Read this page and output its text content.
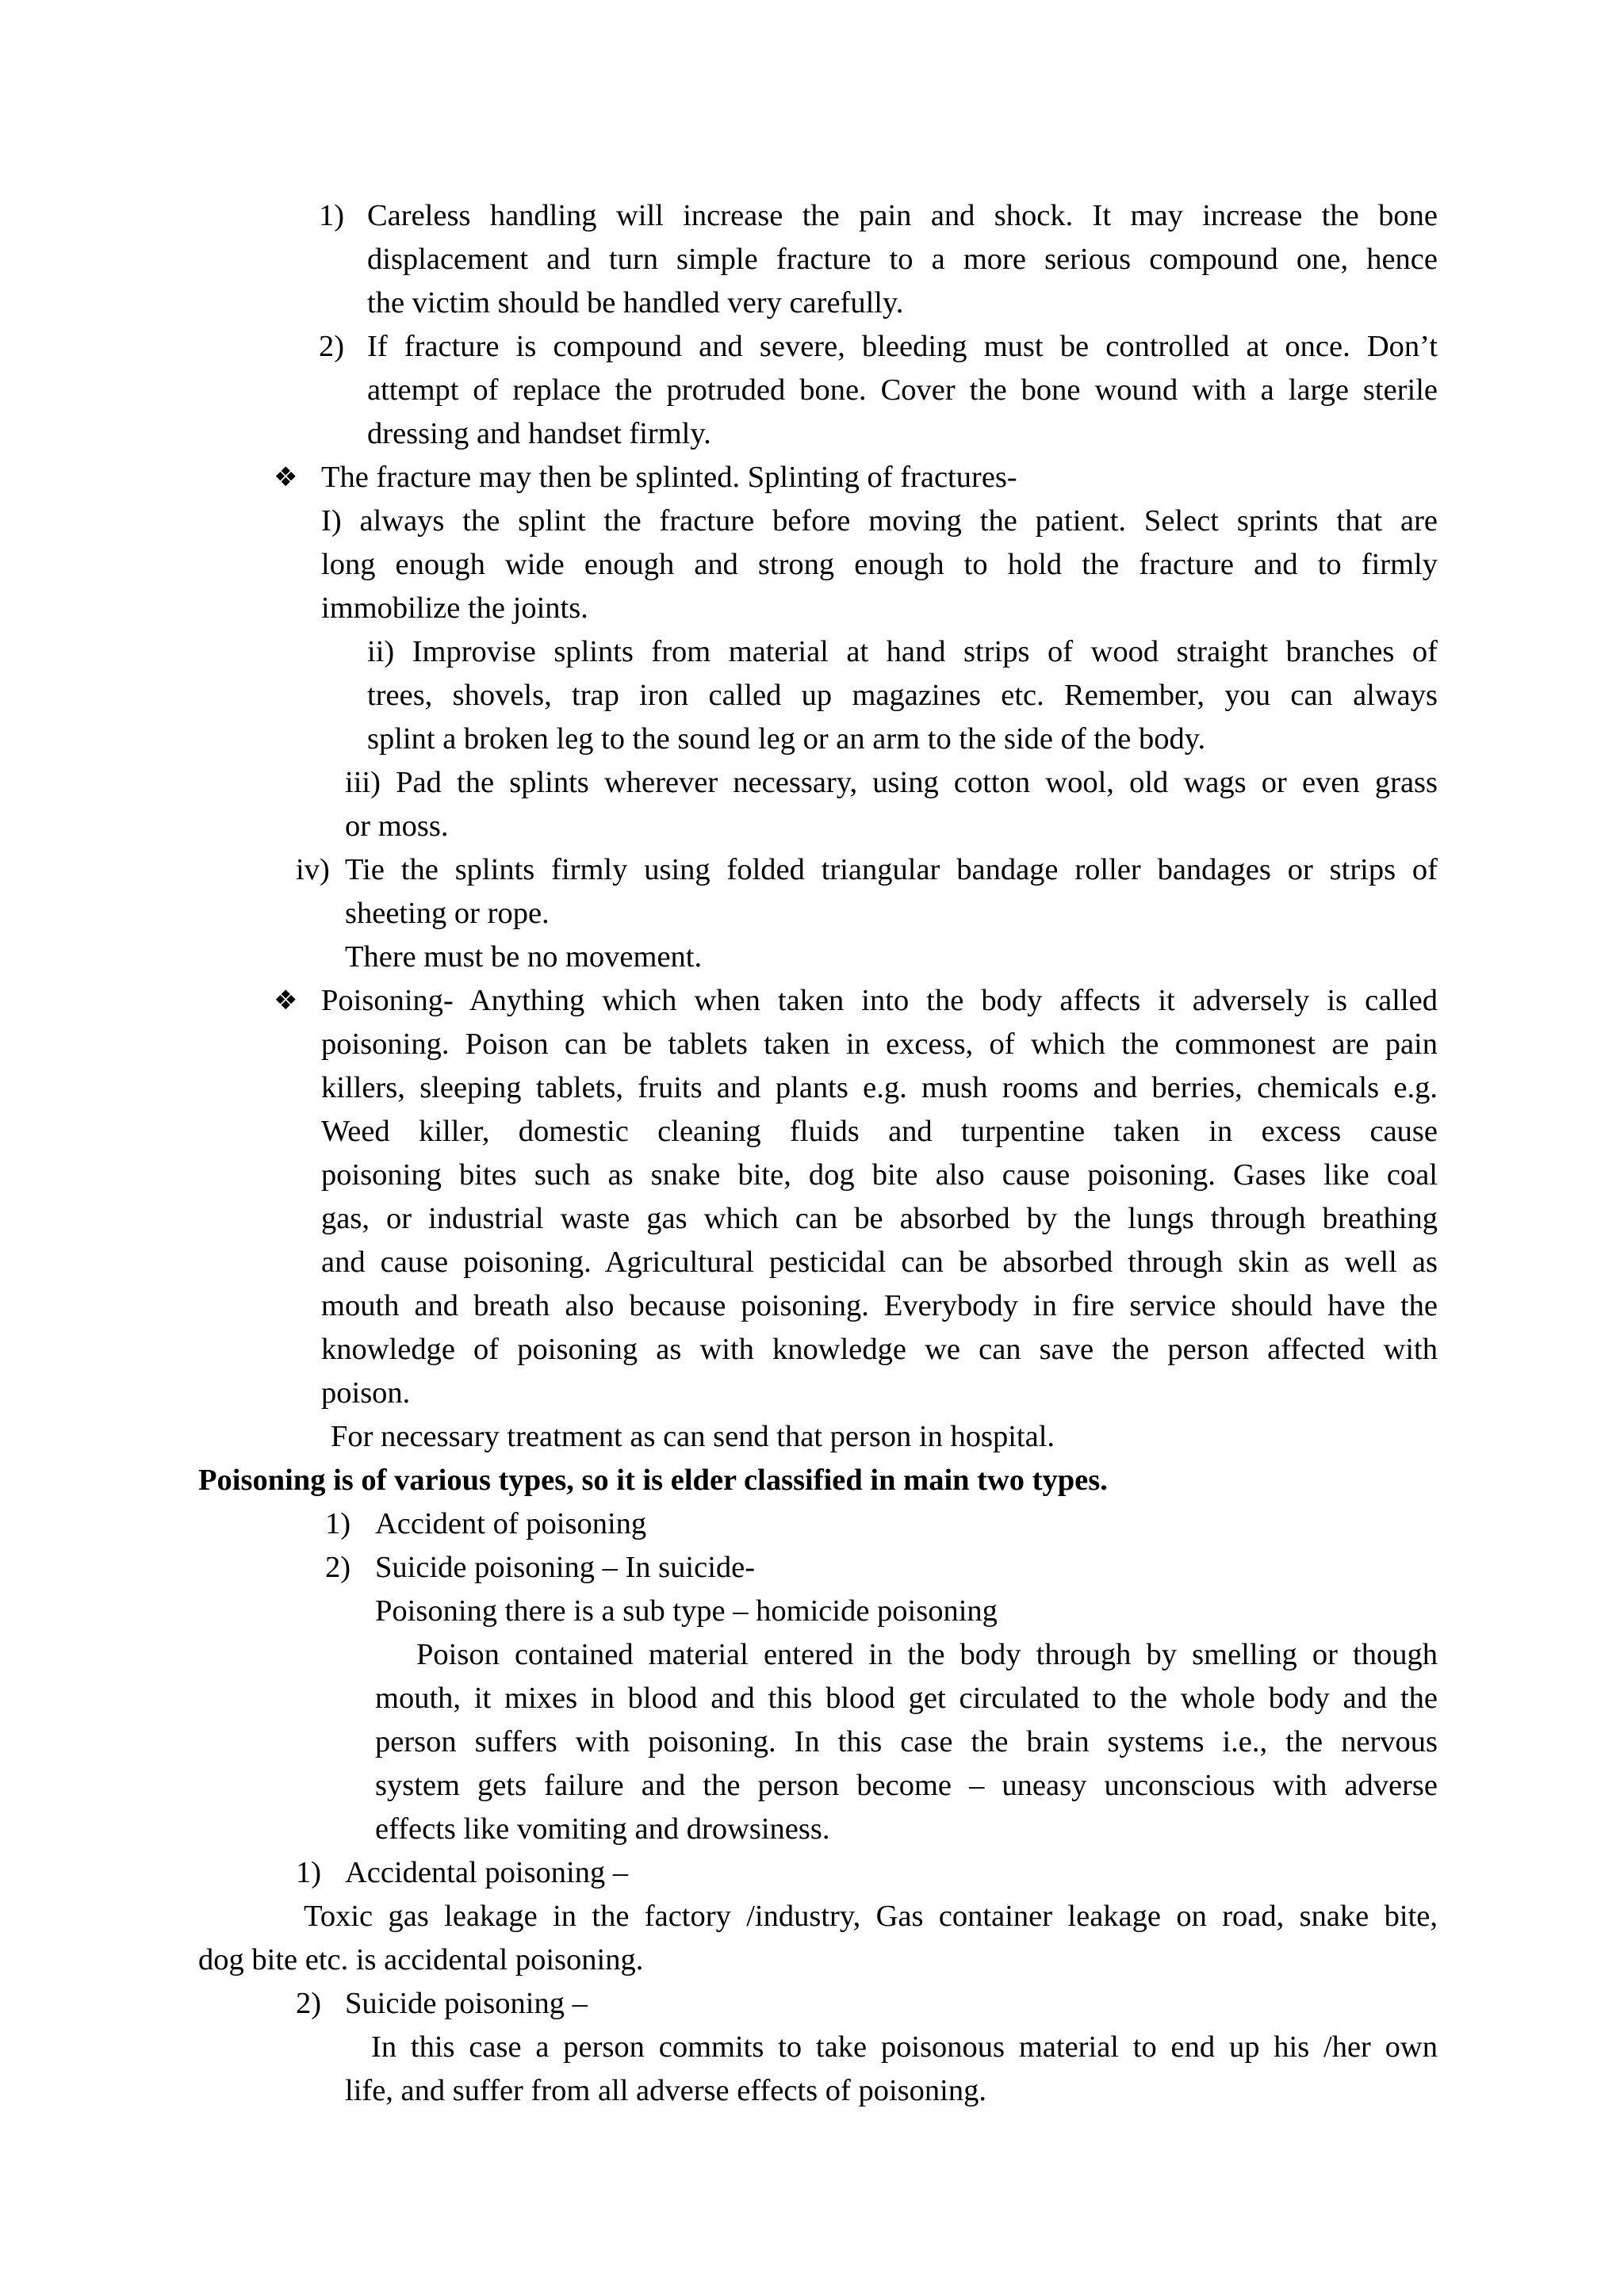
1) Careless handling will increase the pain and shock. It may increase the bone

displacement and turn simple fracture to a more serious compound one, hence

the victim should be handled very carefully.

2) If fracture is compound and severe, bleeding must be controlled at once. Don’t

attempt of replace the protruded bone. Cover the bone wound with a large sterile

dressing and handset firmly.

❖ The fracture may then be splinted. Splinting of fractures-

I) always the splint the fracture before moving the patient. Select sprints that are

long enough wide enough and strong enough to hold the fracture and to firmly

immobilize the joints.

ii) Improvise splints from material at hand strips of wood straight branches of

trees, shovels, trap iron called up magazines etc. Remember, you can always

splint a broken leg to the sound leg or an arm to the side of the body.

iii) Pad the splints wherever necessary, using cotton wool, old wags or even grass

or moss.

iv) Tie the splints firmly using folded triangular bandage roller bandages or strips of

sheeting or rope.

There must be no movement.

❖ Poisoning- Anything which when taken into the body affects it adversely is called

poisoning. Poison can be tablets taken in excess, of which the commonest are pain

killers, sleeping tablets, fruits and plants e.g. mush rooms and berries, chemicals e.g.

Weed killer, domestic cleaning fluids and turpentine taken in excess cause

poisoning bites such as snake bite, dog bite also cause poisoning. Gases like coal

gas, or industrial waste gas which can be absorbed by the lungs through breathing

and cause poisoning. Agricultural pesticidal can be absorbed through skin as well as

mouth and breath also because poisoning. Everybody in fire service should have the

knowledge of poisoning as with knowledge we can save the person affected with

poison.

For necessary treatment as can send that person in hospital.

Poisoning is of various types, so it is elder classified in main two types.

1) Accident of poisoning

2) Suicide poisoning – In suicide-

Poisoning there is a sub type – homicide poisoning

Poison contained material entered in the body through by smelling or though

mouth, it mixes in blood and this blood get circulated to the whole body and the

person suffers with poisoning. In this case the brain systems i.e., the nervous

system gets failure and the person become – uneasy unconscious with adverse

effects like vomiting and drowsiness.

1) Accidental poisoning –

Toxic gas leakage in the factory /industry, Gas container leakage on road, snake bite,

dog bite etc. is accidental poisoning.

2) Suicide poisoning –

In this case a person commits to take poisonous material to end up his /her own

life, and suffer from all adverse effects of poisoning.
